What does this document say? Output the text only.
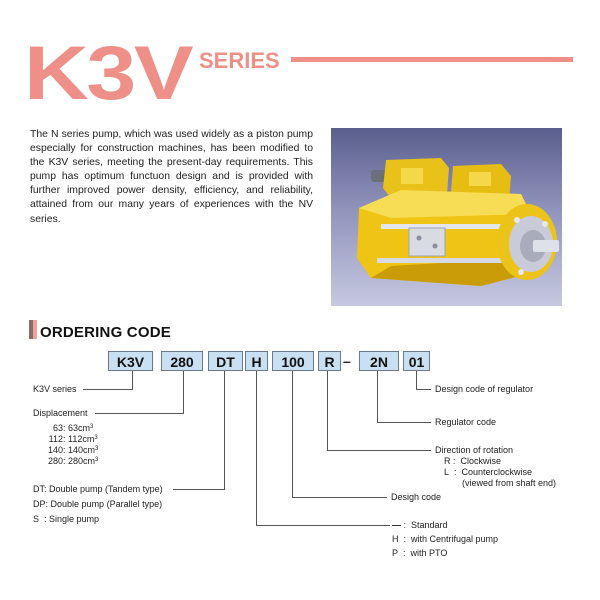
K3V SERIES
The N series pump, which was used widely as a piston pump especially for construction machines, has been modified to the K3V series, meeting the present-day requirements. This pump has optimum functuon design and is provided with further improved power density, efficiency, and reliability, attained from our many years of experiences with the NV series.
ORDERING CODE
K3V	280	DT	H	100	R –	2N	01
K3V series
Displacement
63: $63cm^3$
112: $112cm^3$
140: $140cm^3$
280: $280cm^3$
DT: Double pump (Tandem type)
DP: Double pump (Parallel type)
S : Single pump
Design code of regulator
Regulator code
Direction of rotation
R :  Clockwise
L  :  Counterclockwise
(viewed from shaft end)
Desigh code
— :  Standard
H  :  with Centrifugal pump
P  :  with PTO
